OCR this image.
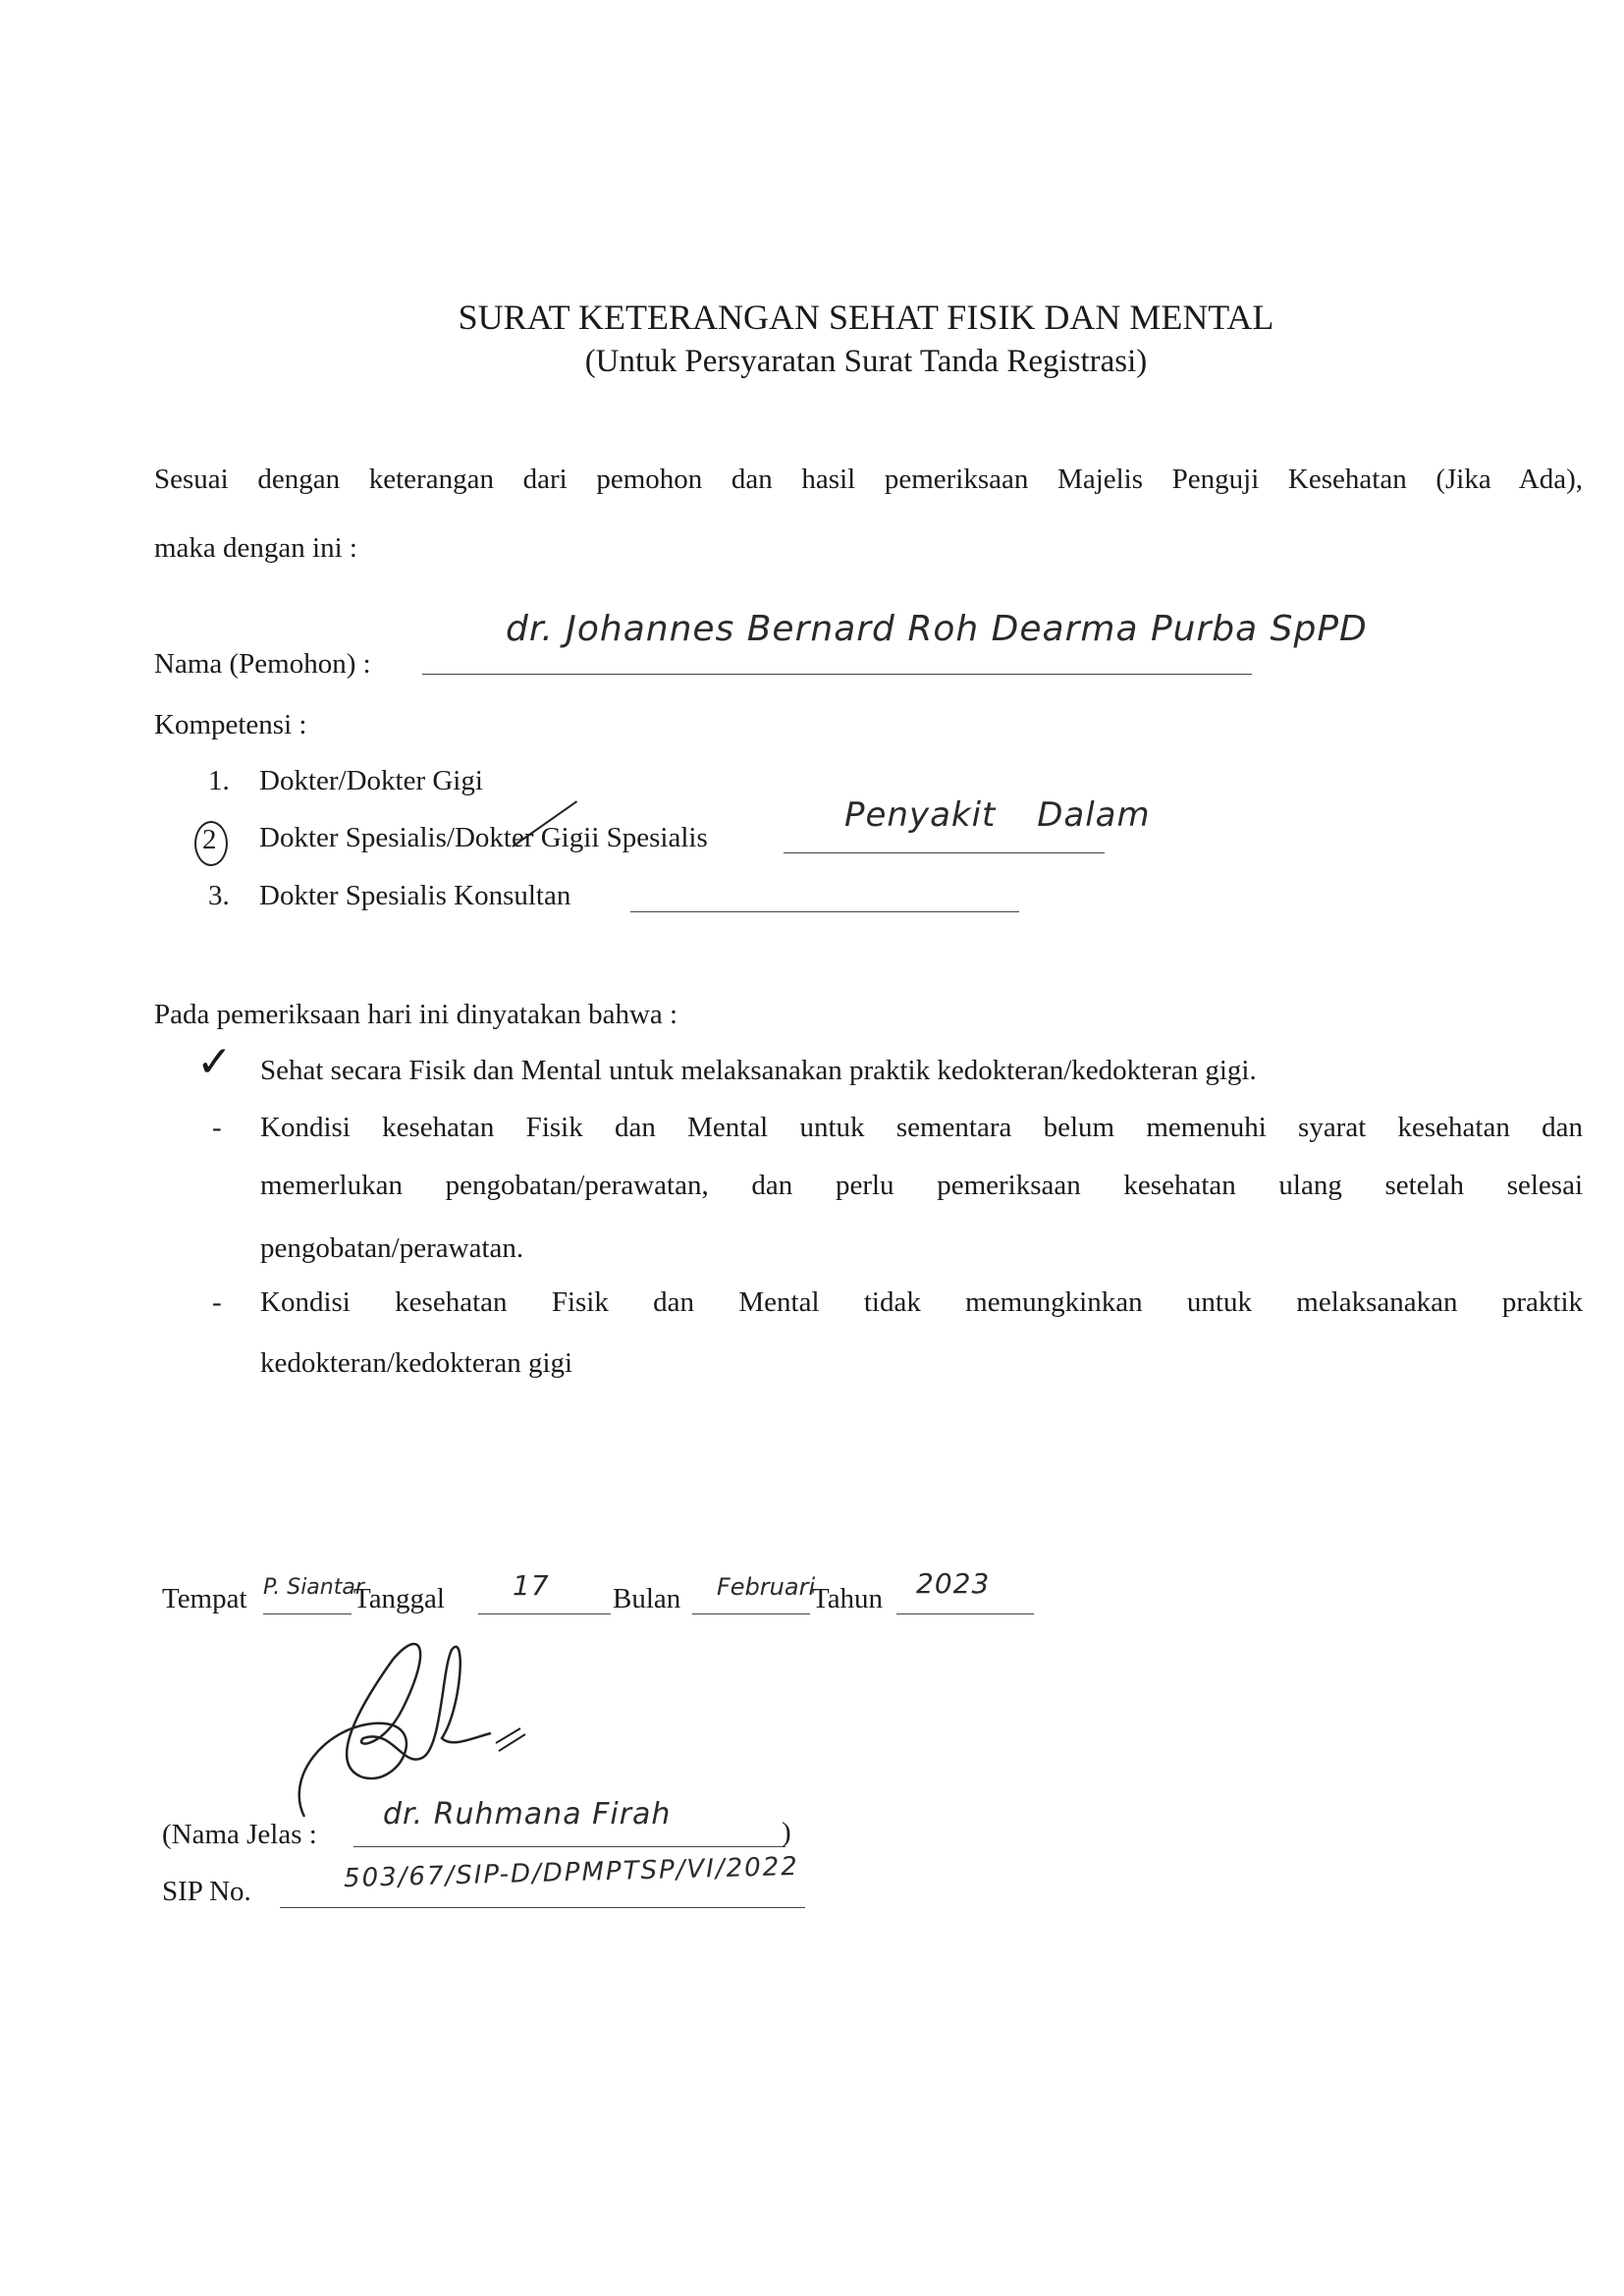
SURAT KETERANGAN SEHAT FISIK DAN MENTAL
(Untuk Persyaratan Surat Tanda Registrasi)
Sesuai dengan keterangan dari pemohon dan hasil pemeriksaan Majelis Penguji Kesehatan (Jika Ada),
maka dengan ini :
Nama (Pemohon) :
dr. Johannes Bernard Roh Dearma Purba SpPD
Kompetensi :
1. Dokter/Dokter Gigi
2 Dokter Spesialis/Dokter Gigii Spesialis
Penyakit Dalam
3. Dokter Spesialis Konsultan
Pada pemeriksaan hari ini dinyatakan bahwa :
✓ Sehat secara Fisik dan Mental untuk melaksanakan praktik kedokteran/kedokteran gigi.
- Kondisi kesehatan Fisik dan Mental untuk sementara belum memenuhi syarat kesehatan dan
memerlukan pengobatan/perawatan, dan perlu pemeriksaan kesehatan ulang setelah selesai
pengobatan/perawatan.
- Kondisi kesehatan Fisik dan Mental tidak memungkinkan untuk melaksanakan praktik
kedokteran/kedokteran gigi
Tempat P. Siantar
Tanggal 17 Bulan Februari
Tahun 2023
(Nama Jelas :
dr. Ruhmana Firah
)
SIP No.	503/67/SIP-D/DPMPTSP/VI/2022
